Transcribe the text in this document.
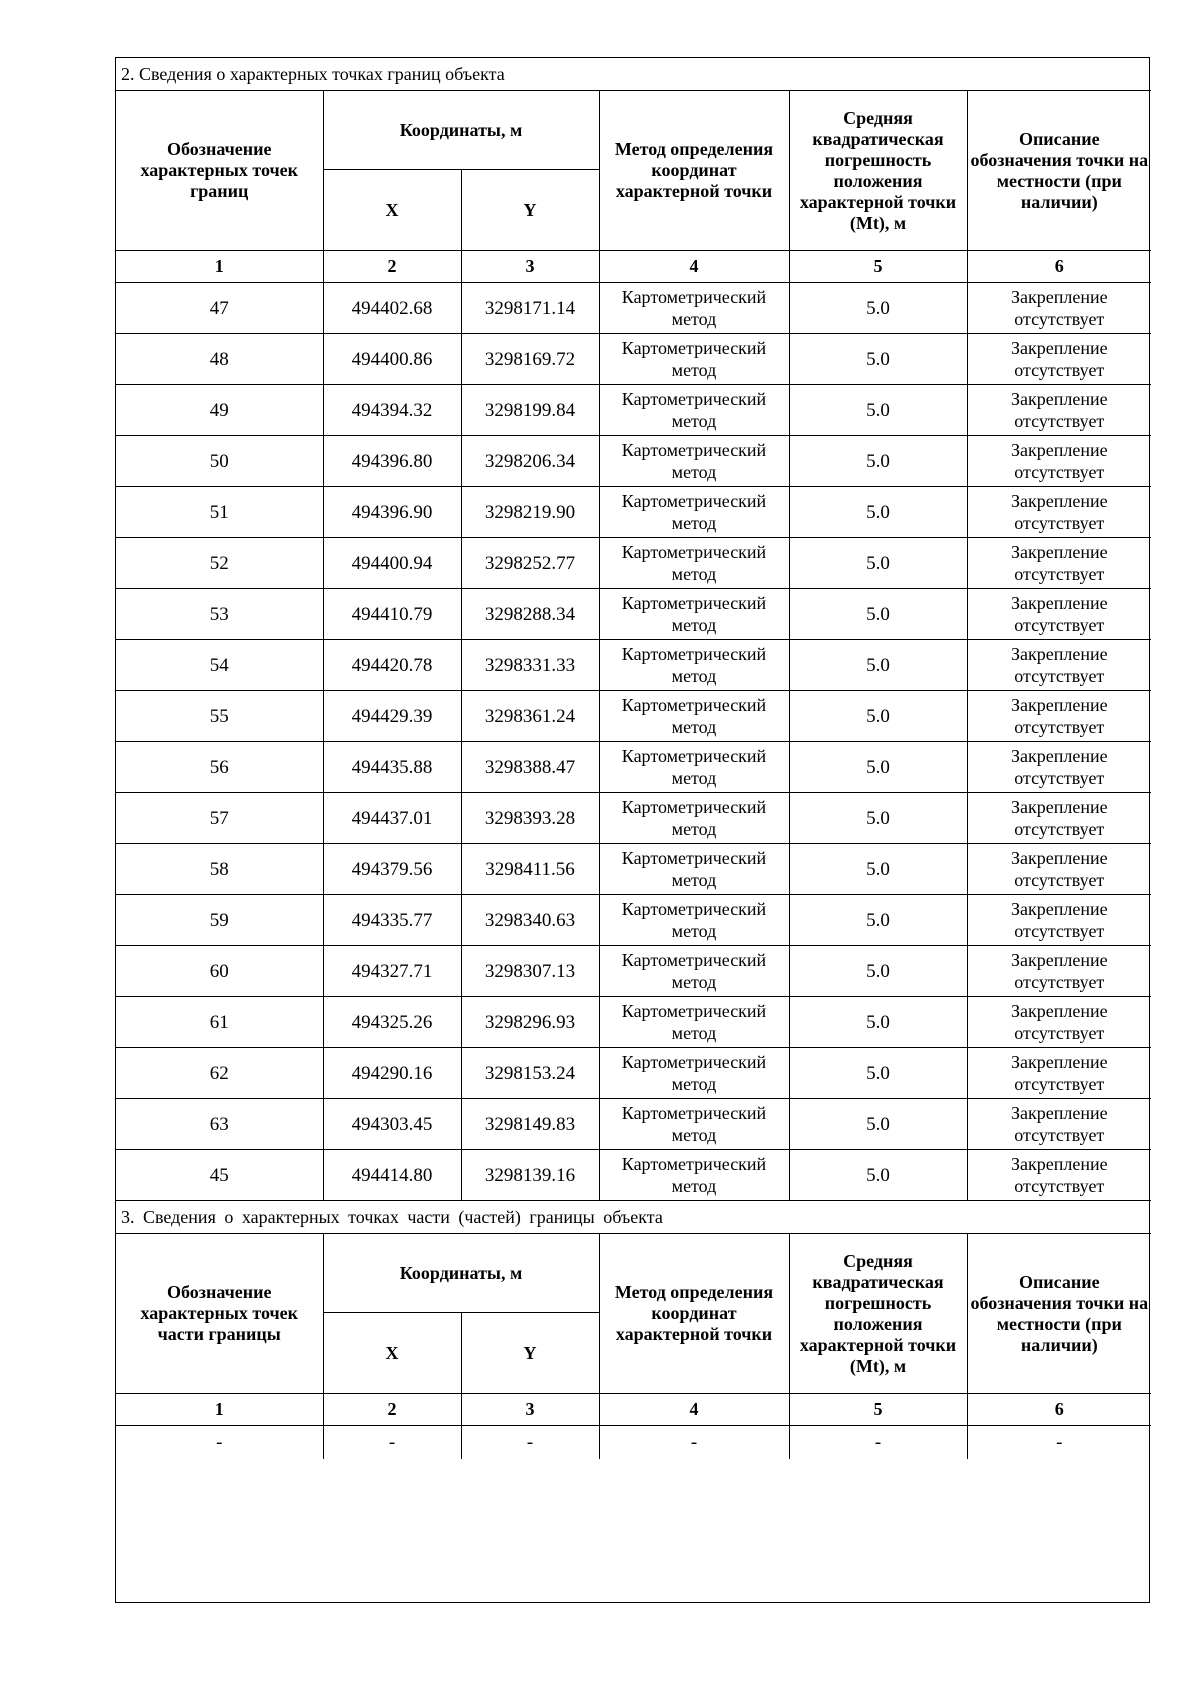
2. Сведения о характерных точках границ объекта					
Обозначение характерных точек границ	Координаты, м		Метод определения координат характерной точки	Средняя квадратическая погрешность положения характерной точки (Mt), м	Описание обозначения точки на местности (при наличии)
	X	Y			
1	2	3	4	5	6
47	494402.68	3298171.14	Картометрический метод	5.0	Закрепление отсутствует
48	494400.86	3298169.72	Картометрический метод	5.0	Закрепление отсутствует
49	494394.32	3298199.84	Картометрический метод	5.0	Закрепление отсутствует
50	494396.80	3298206.34	Картометрический метод	5.0	Закрепление отсутствует
51	494396.90	3298219.90	Картометрический метод	5.0	Закрепление отсутствует
52	494400.94	3298252.77	Картометрический метод	5.0	Закрепление отсутствует
53	494410.79	3298288.34	Картометрический метод	5.0	Закрепление отсутствует
54	494420.78	3298331.33	Картометрический метод	5.0	Закрепление отсутствует
55	494429.39	3298361.24	Картометрический метод	5.0	Закрепление отсутствует
56	494435.88	3298388.47	Картометрический метод	5.0	Закрепление отсутствует
57	494437.01	3298393.28	Картометрический метод	5.0	Закрепление отсутствует
58	494379.56	3298411.56	Картометрический метод	5.0	Закрепление отсутствует
59	494335.77	3298340.63	Картометрический метод	5.0	Закрепление отсутствует
60	494327.71	3298307.13	Картометрический метод	5.0	Закрепление отсутствует
61	494325.26	3298296.93	Картометрический метод	5.0	Закрепление отсутствует
62	494290.16	3298153.24	Картометрический метод	5.0	Закрепление отсутствует
63	494303.45	3298149.83	Картометрический метод	5.0	Закрепление отсутствует
45	494414.80	3298139.16	Картометрический метод	5.0	Закрепление отсутствует
3. Сведения о характерных точках части (частей) границы объекта					
Обозначение характерных точек части границы	Координаты, м		Метод определения координат характерной точки	Средняя квадратическая погрешность положения характерной точки (Mt), м	Описание обозначения точки на местности (при наличии)
	X	Y			
1	2	3	4	5	6
-	-	-	-	-	-
